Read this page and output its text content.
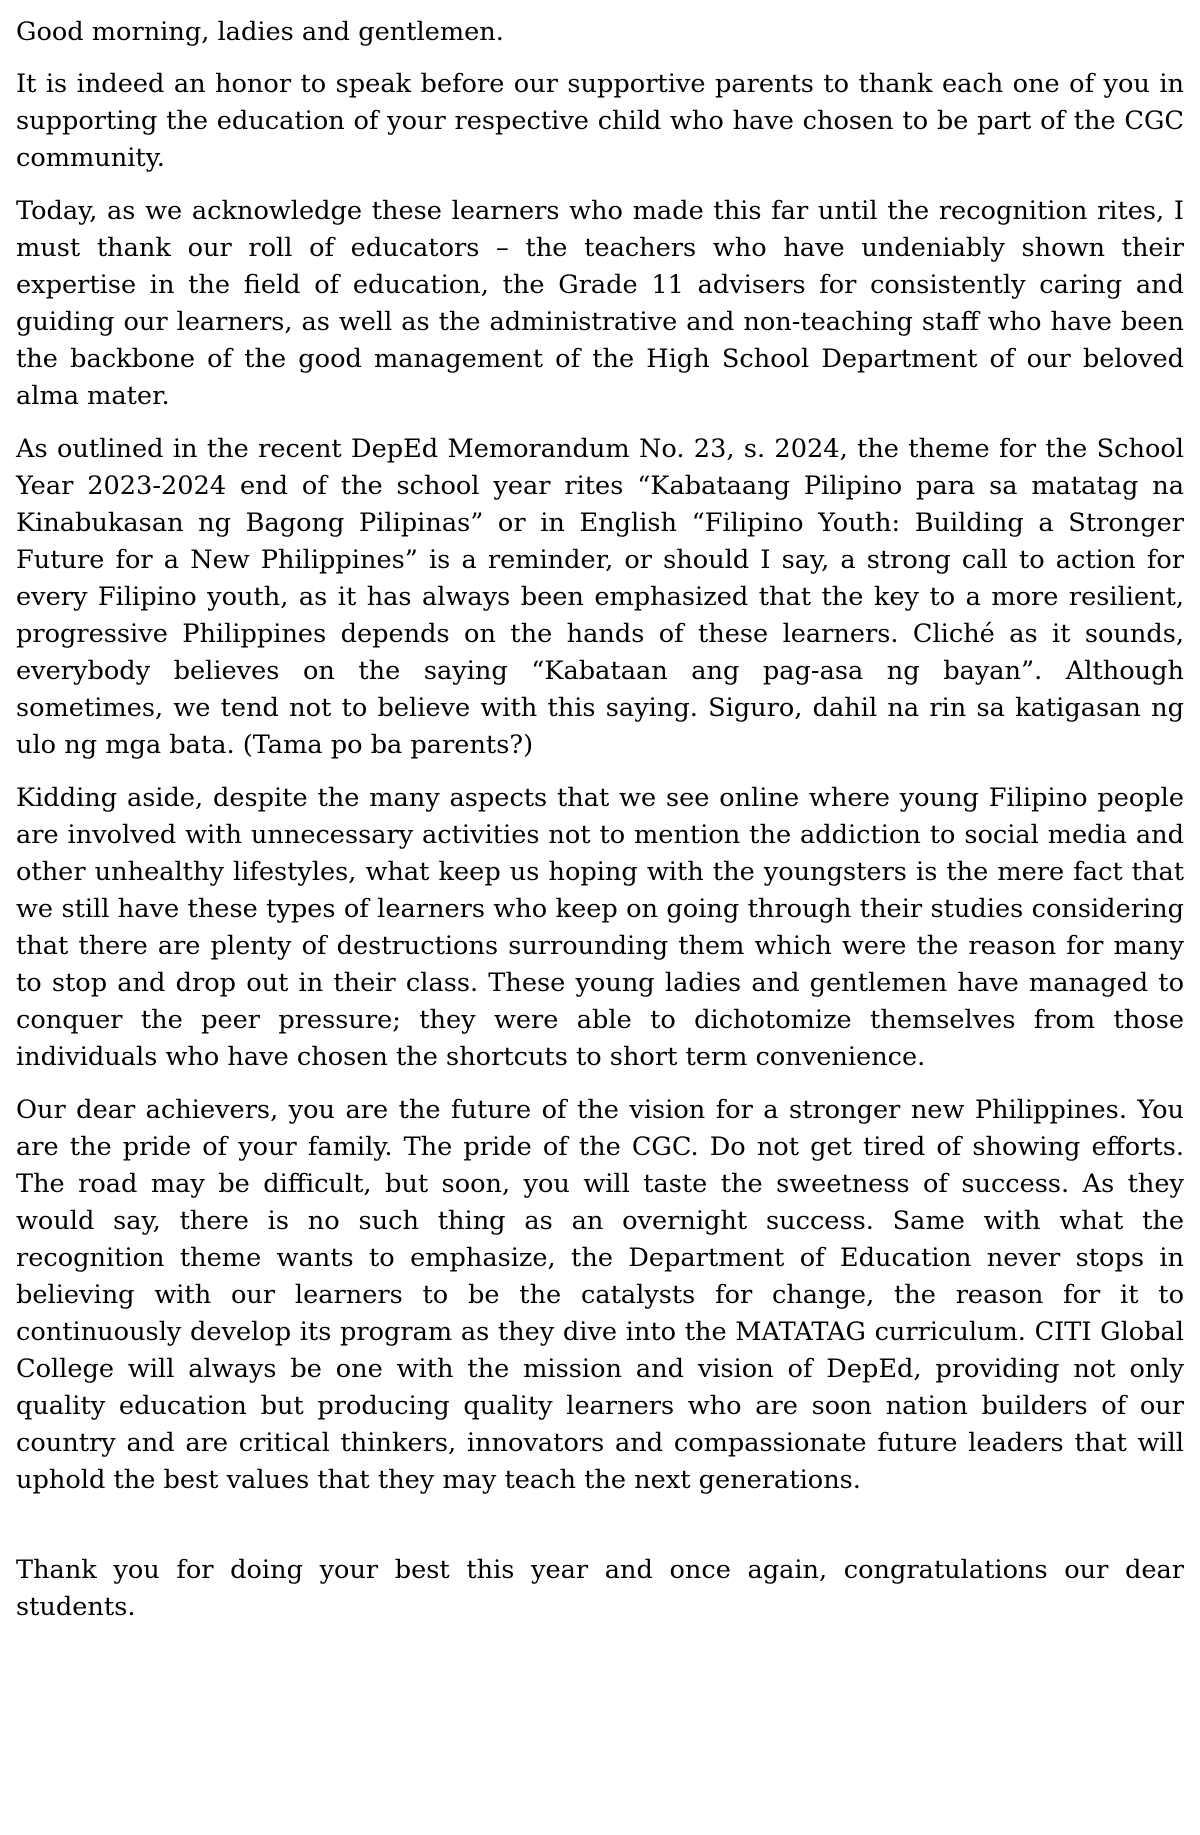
Good morning, ladies and gentlemen.

It is indeed an honor to speak before our supportive parents to thank each one of you in supporting the education of your respective child who have chosen to be part of the CGC community.

Today, as we acknowledge these learners who made this far until the recognition rites, I must thank our roll of educators – the teachers who have undeniably shown their expertise in the field of education, the Grade 11 advisers for consistently caring and guiding our learners, as well as the administrative and non-teaching staff who have been the backbone of the good management of the High School Department of our beloved alma mater.

As outlined in the recent DepEd Memorandum No. 23, s. 2024, the theme for the School Year 2023-2024 end of the school year rites “Kabataang Pilipino para sa matatag na Kinabukasan ng Bagong Pilipinas” or in English “Filipino Youth: Building a Stronger Future for a New Philippines” is a reminder, or should I say, a strong call to action for every Filipino youth, as it has always been emphasized that the key to a more resilient, progressive Philippines depends on the hands of these learners. Cliché as it sounds, everybody believes on the saying “Kabataan ang pag-asa ng bayan”. Although sometimes, we tend not to believe with this saying. Siguro, dahil na rin sa katigasan ng ulo ng mga bata. (Tama po ba parents?)

Kidding aside, despite the many aspects that we see online where young Filipino people are involved with unnecessary activities not to mention the addiction to social media and other unhealthy lifestyles, what keep us hoping with the youngsters is the mere fact that we still have these types of learners who keep on going through their studies considering that there are plenty of destructions surrounding them which were the reason for many to stop and drop out in their class. These young ladies and gentlemen have managed to conquer the peer pressure; they were able to dichotomize themselves from those individuals who have chosen the shortcuts to short term convenience.

Our dear achievers, you are the future of the vision for a stronger new Philippines. You are the pride of your family. The pride of the CGC. Do not get tired of showing efforts. The road may be difficult, but soon, you will taste the sweetness of success. As they would say, there is no such thing as an overnight success. Same with what the recognition theme wants to emphasize, the Department of Education never stops in believing with our learners to be the catalysts for change, the reason for it to continuously develop its program as they dive into the MATATAG curriculum. CITI Global College will always be one with the mission and vision of DepEd, providing not only quality education but producing quality learners who are soon nation builders of our country and are critical thinkers, innovators and compassionate future leaders that will uphold the best values that they may teach the next generations.

Thank you for doing your best this year and once again, congratulations our dear students.
